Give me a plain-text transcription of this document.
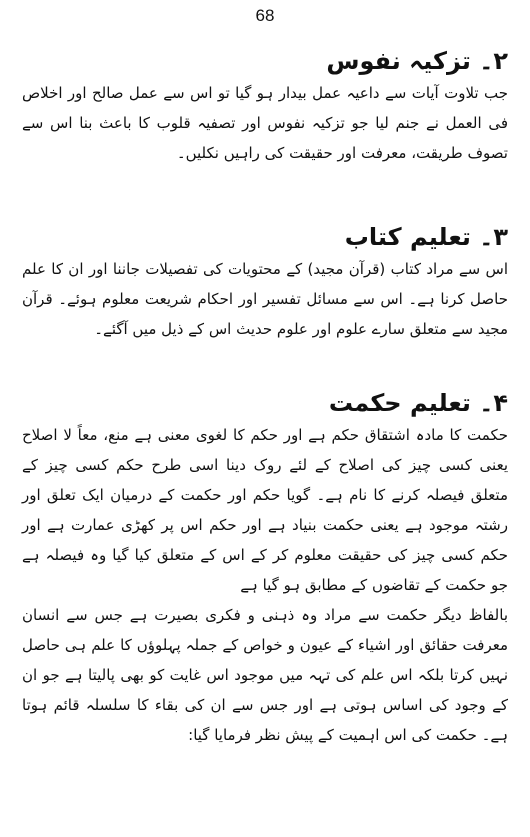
68
۲۔ تزکیہ نفوس

جب تلاوت آیات سے داعیہ عمل بیدار ہو گیا تو اس سے عمل صالح اور اخلاص فی العمل نے جنم لیا جو تزکیہ نفوس اور تصفیہ قلوب کا باعث بنا اس سے تصوف طریقت، معرفت اور حقیقت کی راہیں نکلیں۔

۳۔ تعلیم کتاب

اس سے مراد کتاب (قرآن مجید) کے محتویات کی تفصیلات جاننا اور ان کا علم حاصل کرنا ہے۔ اس سے مسائل تفسیر اور احکام شریعت معلوم ہوئے۔ قرآن مجید سے متعلق سارے علوم اور علوم حدیث اس کے ذیل میں آگئے۔

۴۔ تعلیم حکمت

حکمت کا مادہ اشتقاق حکم ہے اور حکم کا لغوی معنی ہے منع، معاً لا اصلاح یعنی کسی چیز کی اصلاح کے لئے روک دینا اسی طرح حکم کسی چیز کے متعلق فیصلہ کرنے کا نام ہے۔ گویا حکم اور حکمت کے درمیان ایک تعلق اور رشتہ موجود ہے یعنی حکمت بنیاد ہے اور حکم اس پر کھڑی عمارت ہے اور حکم کسی چیز کی حقیقت معلوم کر کے اس کے متعلق کیا گیا وہ فیصلہ ہے جو حکمت کے تقاضوں کے مطابق ہو گیا ہے

بالفاظ دیگر حکمت سے مراد وہ ذہنی و فکری بصیرت ہے جس سے انسان معرفت حقائق اور اشیاء کے عیون و خواص کے جملہ پہلوؤں کا علم ہی حاصل نہیں کرتا بلکہ اس علم کی تہہ میں موجود اس غایت کو بھی پالیتا ہے جو ان کے وجود کی اساس ہوتی ہے اور جس سے ان کی بقاء کا سلسلہ قائم ہوتا ہے۔ حکمت کی اس اہمیت کے پیش نظر فرمایا گیا:
